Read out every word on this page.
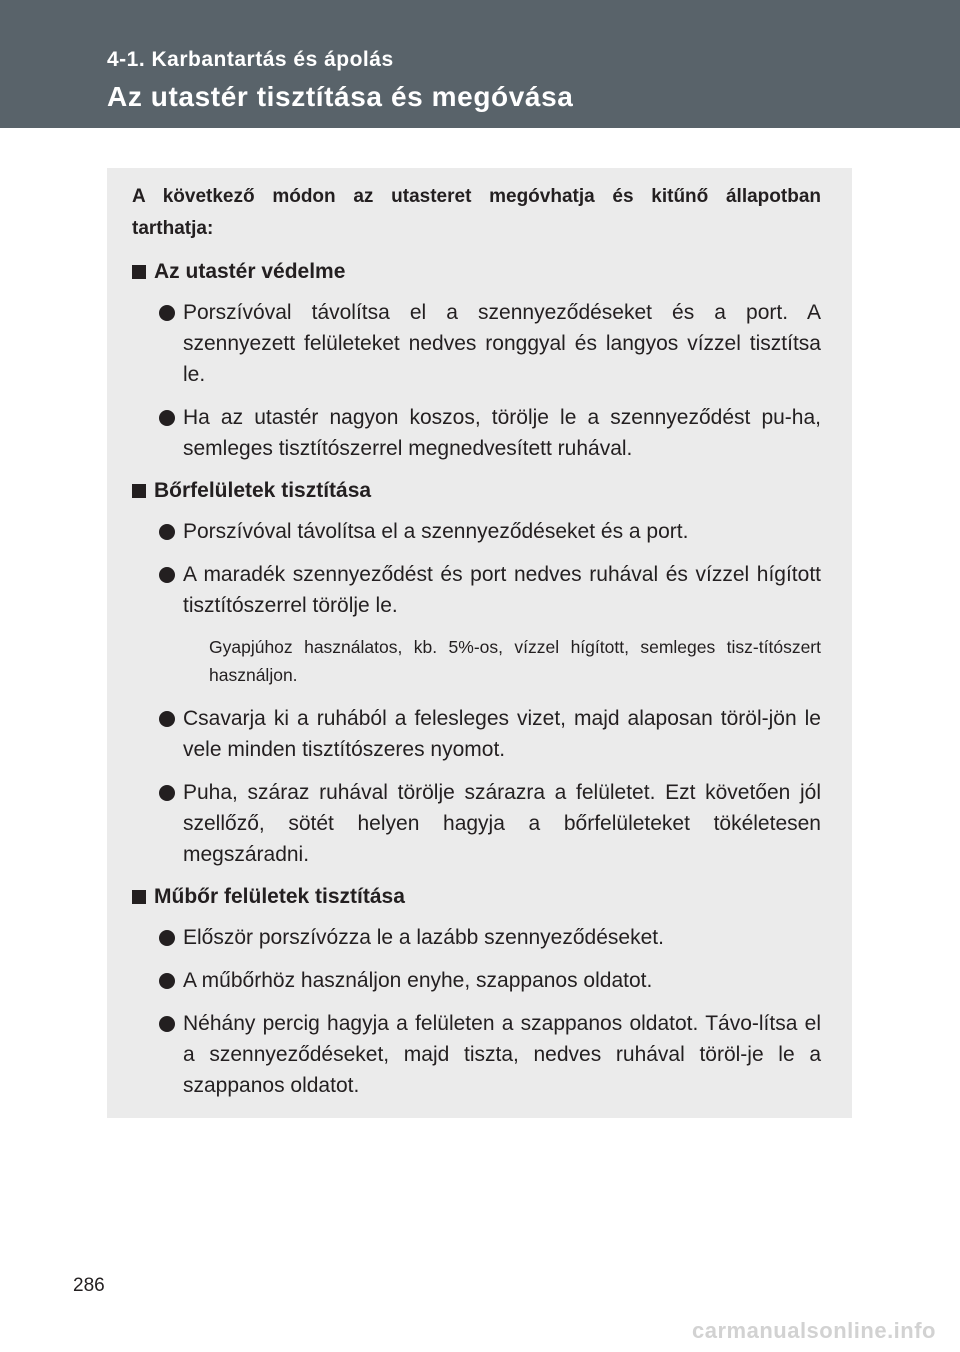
4-1. Karbantartás és ápolás
Az utastér tisztítása és megóvása

A következő módon az utasteret megóvhatja és kitűnő állapotban tarthatja:

Az utastér védelme
Porszívóval távolítsa el a szennyeződéseket és a port. A szennyezett felületeket nedves ronggyal és langyos vízzel tisztítsa le.
Ha az utastér nagyon koszos, törölje le a szennyeződést pu-ha, semleges tisztítószerrel megnedvesített ruhával.
Bőrfelületek tisztítása
Porszívóval távolítsa el a szennyeződéseket és a port.
A maradék szennyeződést és port nedves ruhával és vízzel hígított tisztítószerrel törölje le.
Gyapjúhoz használatos, kb. 5%-os, vízzel hígított, semleges tisz-títószert használjon.
Csavarja ki a ruhából a felesleges vizet, majd alaposan töröl-jön le vele minden tisztítószeres nyomot.
Puha, száraz ruhával törölje szárazra a felületet. Ezt követően jól szellőző, sötét helyen hagyja a bőrfelületeket tökéletesen megszáradni.
Műbőr felületek tisztítása
Először porszívózza le a lazább szennyeződéseket.
A műbőrhöz használjon enyhe, szappanos oldatot.
Néhány percig hagyja a felületen a szappanos oldatot. Távo-lítsa el a szennyeződéseket, majd tiszta, nedves ruhával töröl-je le a szappanos oldatot.
286
carmanualsonline.info
